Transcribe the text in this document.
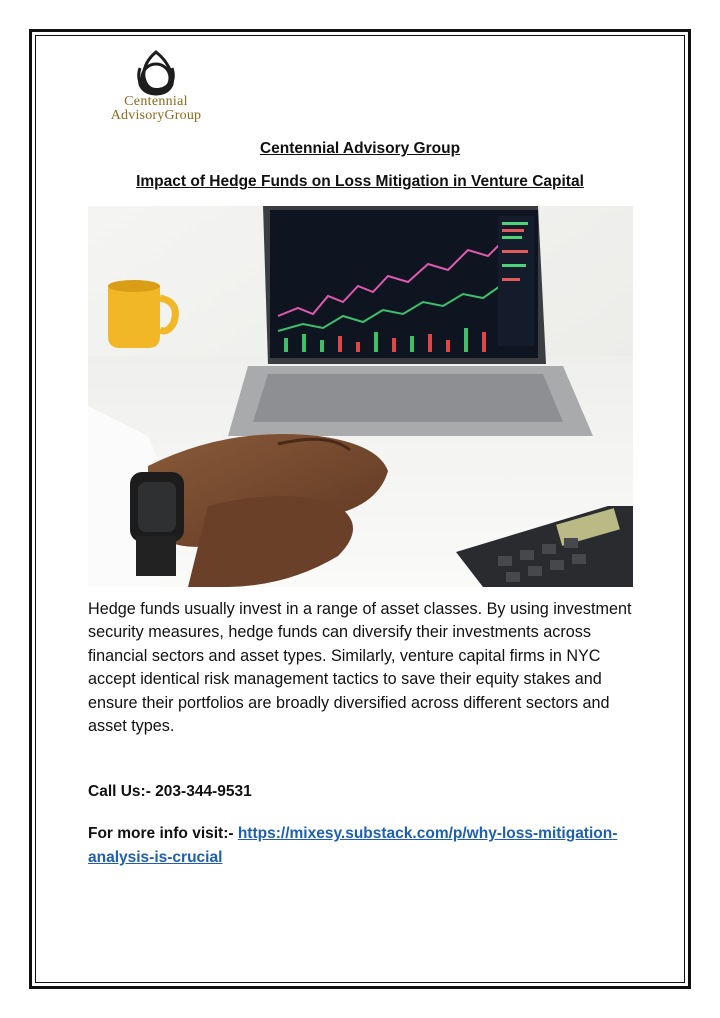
Centennial
AdvisoryGroup
Centennial Advisory Group
Impact of Hedge Funds on Loss Mitigation in Venture Capital

Hedge funds usually invest in a range of asset classes. By using investment security measures, hedge funds can diversify their investments across financial sectors and asset types. Similarly, venture capital firms in NYC accept identical risk management tactics to save their equity stakes and ensure their portfolios are broadly diversified across different sectors and asset types.

Call Us:- 203-344-9531

For more info visit:- https://mixesy.substack.com/p/why-loss-mitigation-analysis-is-crucial
